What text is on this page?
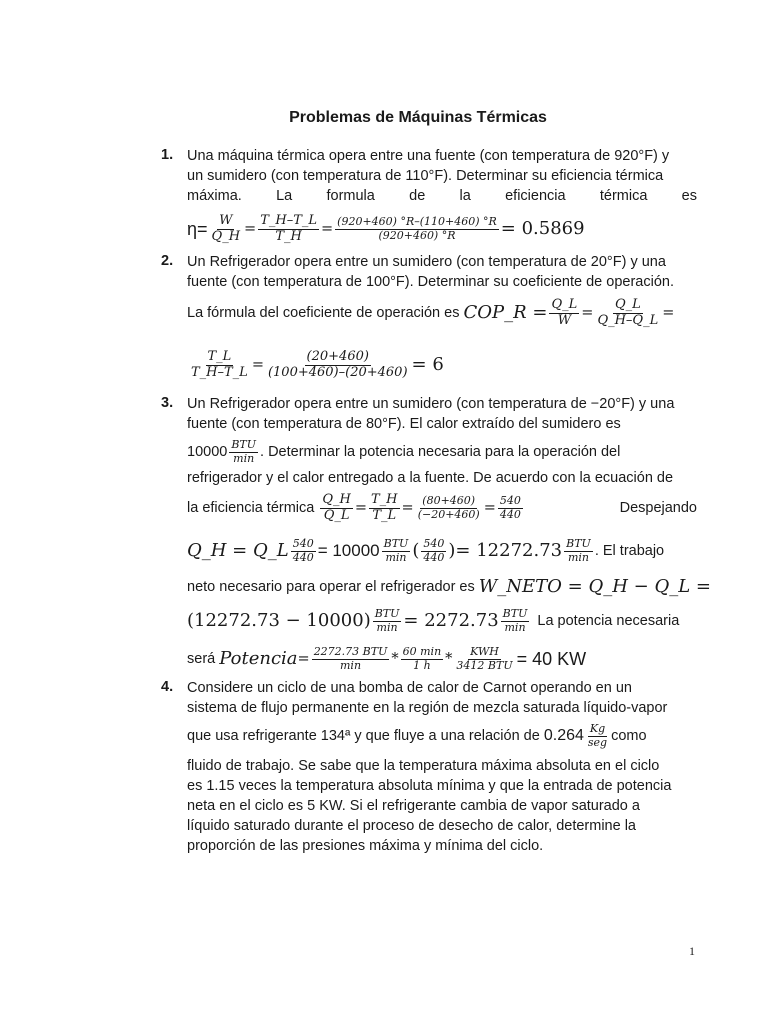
Problemas de Máquinas Térmicas
1. Una máquina térmica opera entre una fuente (con temperatura de 920°F) y
un sumidero (con temperatura de 110°F). Determinar su eficiencia térmica
máxima. La formula de la eficiencia térmica es
$\eta= \frac{W}{Q\_H} = \frac{T\_H-T\_L}{T\_H} = \frac{(920+460) ^\circ R-(110+460) ^\circ R}{(920+460) ^\circ R} = 0.5869$
2. Un Refrigerador opera entre un sumidero (con temperatura de 20°F) y una
fuente (con temperatura de 100°F). Determinar su coeficiente de operación.
La fórmula del coeficiente de operación es
COP_R = $\frac{Q\_L}{W} = \frac{Q\_L}{Q\_H-Q\_L}$ =
$\frac{T\_L}{T\_H-T\_L} = \frac{(20+460)}{(100+460)-(20+460)} = 6$
3. Un Refrigerador opera entre un sumidero (con temperatura de −20°F) y una
fuente (con temperatura de 80°F). El calor extraído del sumidero es
10000 BTU
min . Determinar la potencia necesaria para la operación del
refrigerador y el calor entregado a la fuente. De acuerdo con la ecuación de
la eficiencia térmica
$\frac{Q\_H}{Q\_L} = \frac{T\_H}{T\_L} = \frac{(80+460)}{(-20+460)} = \frac{540}{440}$	Despejando
Q_H = Q_L $\frac{540}{440} = 10000$ BTU
min ( $\frac{540}{440}$ ) = 12272.73 BTU
min . El trabajo
neto necesario para operar el refrigerador es
W_NETO = Q_H − Q_L =
(12272.73 − 10000) BTU
min = 2272.73 BTU
min La potencia necesaria
será
Potencia = 2272.73 BTU
min * 60 min
1 h * KWH
3412 BTU = 40 KW
4. Considere un ciclo de una bomba de calor de Carnot operando en un
sistema de flujo permanente en la región de mezcla saturada líquido-vapor
que usa refrigerante 134ª y que fluye a una relación de
0.264 Kg
seg como
fluido de trabajo. Se sabe que la temperatura máxima absoluta en el ciclo
es 1.15 veces la temperatura absoluta mínima y que la entrada de potencia
neta en el ciclo es 5 KW. Si el refrigerante cambia de vapor saturado a
líquido saturado durante el proceso de desecho de calor, determine la
proporción de las presiones máxima y mínima del ciclo.
1
